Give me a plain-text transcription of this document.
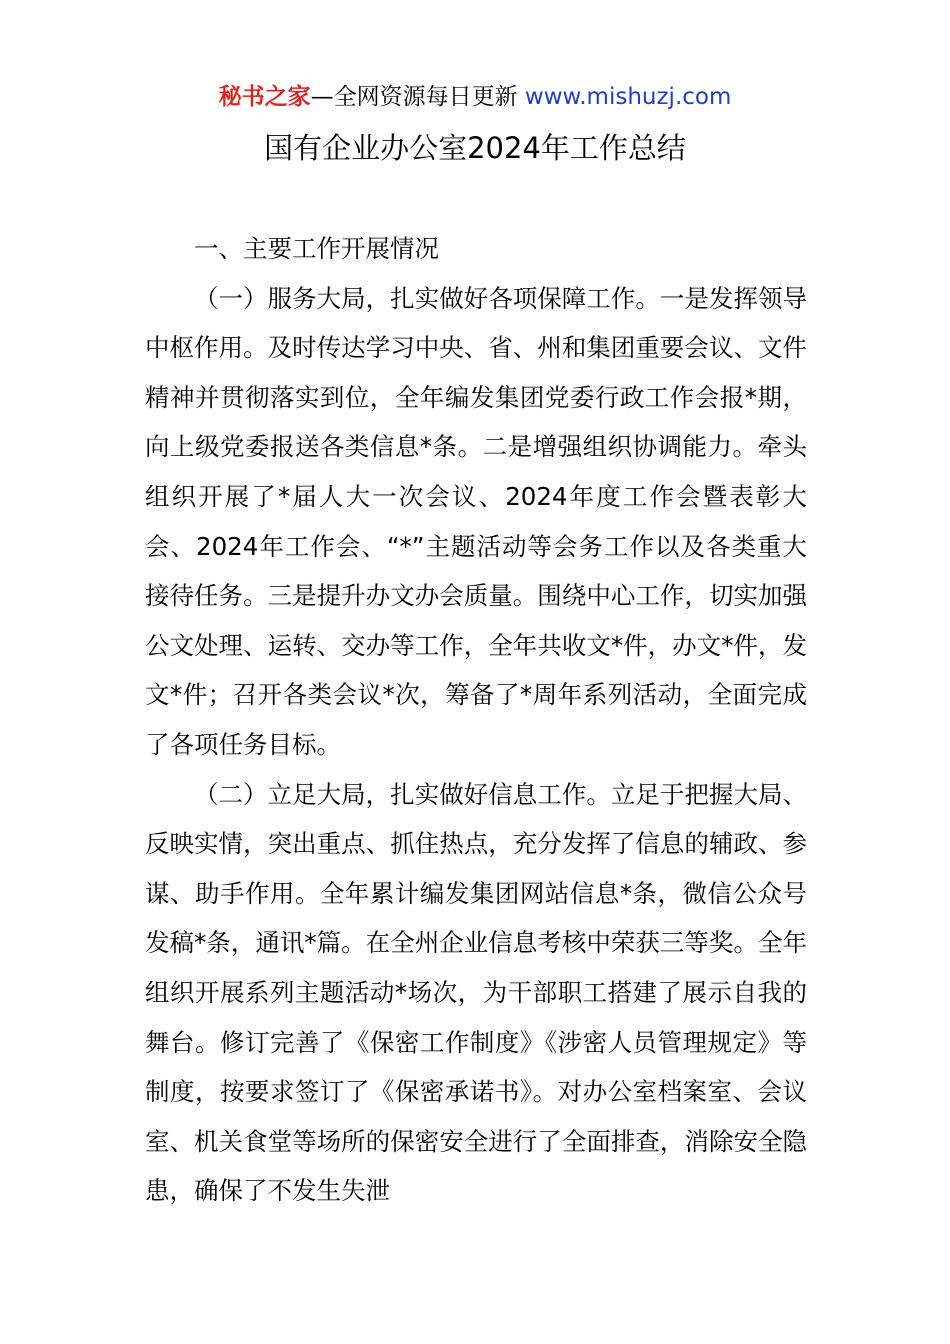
秘书之家—全网资源每日更新 www.mishuzj.com
国有企业办公室2024年工作总结

一、主要工作开展情况

（一）服务大局，扎实做好各项保障工作。一是发挥领导中枢作用。及时传达学习中央、省、州和集团重要会议、文件精神并贯彻落实到位，全年编发集团党委行政工作会报*期，向上级党委报送各类信息*条。二是增强组织协调能力。牵头组织开展了*届人大一次会议、2024年度工作会暨表彰大会、2024年工作会、“*”主题活动等会务工作以及各类重大接待任务。三是提升办文办会质量。围绕中心工作，切实加强公文处理、运转、交办等工作，全年共收文*件，办文*件，发文*件；召开各类会议*次，筹备了*周年系列活动，全面完成了各项任务目标。

（二）立足大局，扎实做好信息工作。立足于把握大局、反映实情，突出重点、抓住热点，充分发挥了信息的辅政、参谋、助手作用。全年累计编发集团网站信息*条，微信公众号发稿*条，通讯*篇。在全州企业信息考核中荣获三等奖。全年组织开展系列主题活动*场次，为干部职工搭建了展示自我的舞台。修订完善了《保密工作制度》《涉密人员管理规定》等制度，按要求签订了《保密承诺书》。对办公室档案室、会议室、机关食堂等场所的保密安全进行了全面排查，消除安全隐患，确保了不发生失泄
